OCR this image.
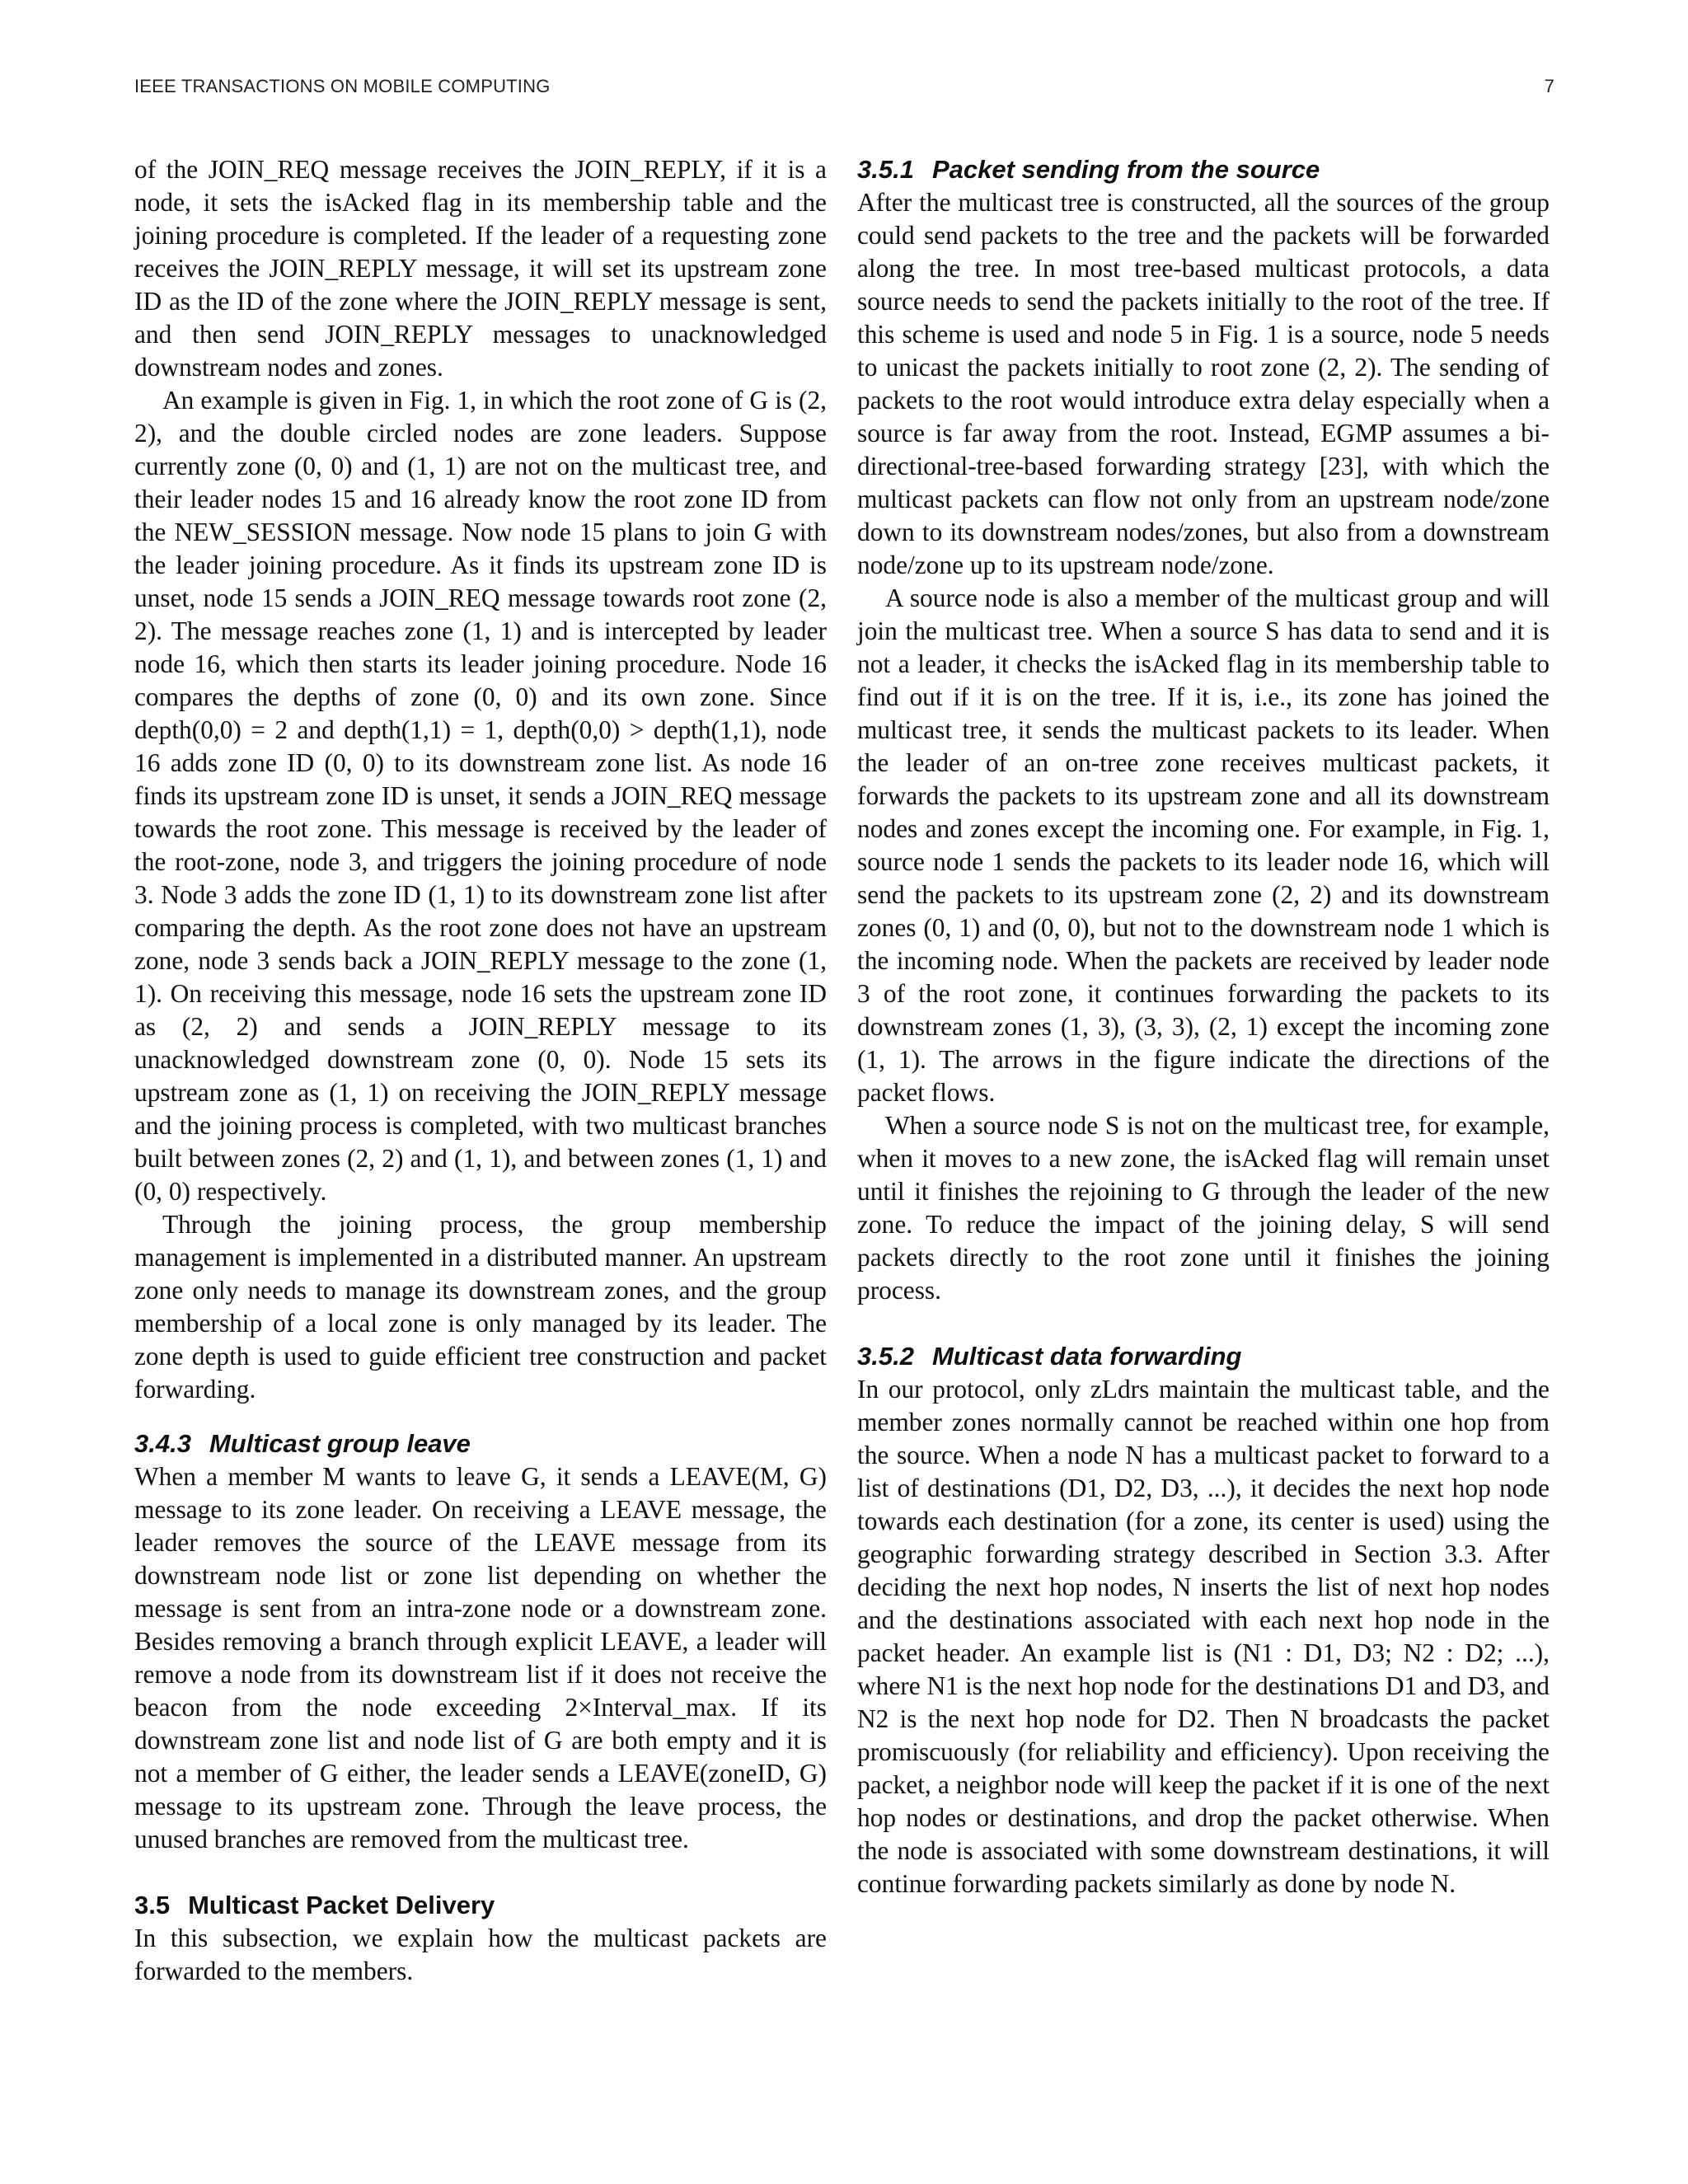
IEEE TRANSACTIONS ON MOBILE COMPUTING	7

of the JOIN_REQ message receives the JOIN_REPLY, if it is a node, it sets the isAcked flag in its membership table and the joining procedure is completed. If the leader of a requesting zone receives the JOIN_REPLY message, it will set its upstream zone ID as the ID of the zone where the JOIN_REPLY message is sent, and then send JOIN_REPLY messages to unacknowledged downstream nodes and zones.

An example is given in Fig. 1, in which the root zone of G is (2, 2), and the double circled nodes are zone leaders. Suppose currently zone (0, 0) and (1, 1) are not on the multicast tree, and their leader nodes 15 and 16 already know the root zone ID from the NEW_SESSION message. Now node 15 plans to join G with the leader joining procedure. As it finds its upstream zone ID is unset, node 15 sends a JOIN_REQ message towards root zone (2, 2). The message reaches zone (1, 1) and is intercepted by leader node 16, which then starts its leader joining procedure. Node 16 compares the depths of zone (0, 0) and its own zone. Since depth(0,0) = 2 and depth(1,1) = 1, depth(0,0) > depth(1,1), node 16 adds zone ID (0, 0) to its downstream zone list. As node 16 finds its upstream zone ID is unset, it sends a JOIN_REQ message towards the root zone. This message is received by the leader of the root-zone, node 3, and triggers the joining procedure of node 3. Node 3 adds the zone ID (1, 1) to its downstream zone list after comparing the depth. As the root zone does not have an upstream zone, node 3 sends back a JOIN_REPLY message to the zone (1, 1). On receiving this message, node 16 sets the upstream zone ID as (2, 2) and sends a JOIN_REPLY message to its unacknowledged downstream zone (0, 0). Node 15 sets its upstream zone as (1, 1) on receiving the JOIN_REPLY message and the joining process is completed, with two multicast branches built between zones (2, 2) and (1, 1), and between zones (1, 1) and (0, 0) respectively.

Through the joining process, the group membership management is implemented in a distributed manner. An upstream zone only needs to manage its downstream zones, and the group membership of a local zone is only managed by its leader. The zone depth is used to guide efficient tree construction and packet forwarding.

3.4.3 Multicast group leave

When a member M wants to leave G, it sends a LEAVE(M, G) message to its zone leader. On receiving a LEAVE message, the leader removes the source of the LEAVE message from its downstream node list or zone list depending on whether the message is sent from an intra-zone node or a downstream zone. Besides removing a branch through explicit LEAVE, a leader will remove a node from its downstream list if it does not receive the beacon from the node exceeding 2×Interval_max. If its downstream zone list and node list of G are both empty and it is not a member of G either, the leader sends a LEAVE(zoneID, G) message to its upstream zone. Through the leave process, the unused branches are removed from the multicast tree.

3.5 Multicast Packet Delivery

In this subsection, we explain how the multicast packets are forwarded to the members.

3.5.1 Packet sending from the source

After the multicast tree is constructed, all the sources of the group could send packets to the tree and the packets will be forwarded along the tree. In most tree-based multicast protocols, a data source needs to send the packets initially to the root of the tree. If this scheme is used and node 5 in Fig. 1 is a source, node 5 needs to unicast the packets initially to root zone (2, 2). The sending of packets to the root would introduce extra delay especially when a source is far away from the root. Instead, EGMP assumes a bi-directional-tree-based forwarding strategy [23], with which the multicast packets can flow not only from an upstream node/zone down to its downstream nodes/zones, but also from a downstream node/zone up to its upstream node/zone.

A source node is also a member of the multicast group and will join the multicast tree. When a source S has data to send and it is not a leader, it checks the isAcked flag in its membership table to find out if it is on the tree. If it is, i.e., its zone has joined the multicast tree, it sends the multicast packets to its leader. When the leader of an on-tree zone receives multicast packets, it forwards the packets to its upstream zone and all its downstream nodes and zones except the incoming one. For example, in Fig. 1, source node 1 sends the packets to its leader node 16, which will send the packets to its upstream zone (2, 2) and its downstream zones (0, 1) and (0, 0), but not to the downstream node 1 which is the incoming node. When the packets are received by leader node 3 of the root zone, it continues forwarding the packets to its downstream zones (1, 3), (3, 3), (2, 1) except the incoming zone (1, 1). The arrows in the figure indicate the directions of the packet flows.

When a source node S is not on the multicast tree, for example, when it moves to a new zone, the isAcked flag will remain unset until it finishes the rejoining to G through the leader of the new zone. To reduce the impact of the joining delay, S will send packets directly to the root zone until it finishes the joining process.

3.5.2 Multicast data forwarding

In our protocol, only zLdrs maintain the multicast table, and the member zones normally cannot be reached within one hop from the source. When a node N has a multicast packet to forward to a list of destinations (D1, D2, D3, ...), it decides the next hop node towards each destination (for a zone, its center is used) using the geographic forwarding strategy described in Section 3.3. After deciding the next hop nodes, N inserts the list of next hop nodes and the destinations associated with each next hop node in the packet header. An example list is (N1 : D1, D3; N2 : D2; ...), where N1 is the next hop node for the destinations D1 and D3, and N2 is the next hop node for D2. Then N broadcasts the packet promiscuously (for reliability and efficiency). Upon receiving the packet, a neighbor node will keep the packet if it is one of the next hop nodes or destinations, and drop the packet otherwise. When the node is associated with some downstream destinations, it will continue forwarding packets similarly as done by node N.
